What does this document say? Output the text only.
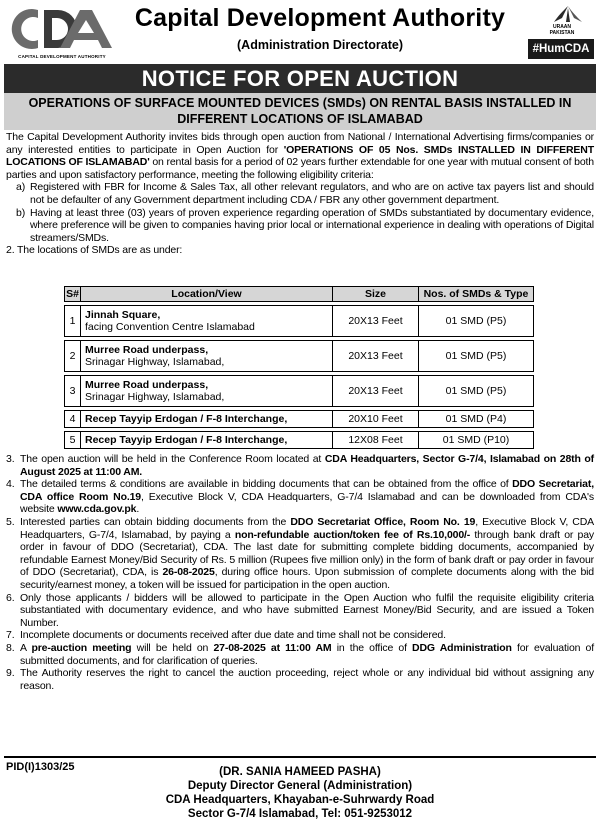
CAPITAL DEVELOPMENT AUTHORITY
Capital Development Authority
(Administration Directorate)
URAAN
PAKISTAN
#HumCDA
NOTICE FOR OPEN AUCTION
OPERATIONS OF SURFACE MOUNTED DEVICES (SMDs) ON RENTAL BASIS INSTALLED IN
DIFFERENT LOCATIONS OF ISLAMABAD

The Capital Development Authority invites bids through open auction from National / International Advertising firms/companies or any interested entities to participate in Open Auction for 'OPERATIONS OF 05 Nos. SMDs INSTALLED IN DIFFERENT LOCATIONS OF ISLAMABAD' on rental basis for a period of 02 years further extendable for one year with mutual consent of both parties and upon satisfactory performance, meeting the following eligibility criteria:

a) Registered with FBR for Income & Sales Tax, all other relevant regulators, and who are on active tax payers list and should not be defaulter of any Government department including CDA / FBR any other government department.
b) Having at least three (03) years of proven experience regarding operation of SMDs substantiated by documentary evidence, where preference will be given to companies having prior local or international experience in dealing with operations of Digital streamers/SMDs.
2. The locations of SMDs are as under:
S#	Location/View	Size	Nos. of SMDs & Type

1	Jinnah Square,
facing Convention Centre Islamabad	20X13 Feet	01 SMD (P5)

2	Murree Road underpass,
Srinagar Highway, Islamabad,	20X13 Feet	01 SMD (P5)

3	Murree Road underpass,
Srinagar Highway, Islamabad,	20X13 Feet	01 SMD (P5)

4	Recep Tayyip Erdogan / F-8 Interchange,	20X10 Feet	01 SMD (P4)

5	Recep Tayyip Erdogan / F-8 Interchange,	12X08 Feet	01 SMD (P10)
3. The open auction will be held in the Conference Room located at CDA Headquarters, Sector G-7/4, Islamabad on 28th of August 2025 at 11:00 AM.
4. The detailed terms & conditions are available in bidding documents that can be obtained from the office of DDO Secretariat, CDA office Room No.19, Executive Block V, CDA Headquarters, G-7/4 Islamabad and can be downloaded from CDA's website www.cda.gov.pk.
5. Interested parties can obtain bidding documents from the DDO Secretariat Office, Room No. 19, Executive Block V, CDA Headquarters, G-7/4, Islamabad, by paying a non-refundable auction/token fee of Rs.10,000/- through bank draft or pay order in favour of DDO (Secretariat), CDA. The last date for submitting complete bidding documents, accompanied by refundable Earnest Money/Bid Security of Rs. 5 million (Rupees five million only) in the form of bank draft or pay order in favour of DDO (Secretariat), CDA, is 26-08-2025, during office hours. Upon submission of complete documents along with the bid security/earnest money, a token will be issued for participation in the open auction.
6. Only those applicants / bidders will be allowed to participate in the Open Auction who fulfil the requisite eligibility criteria substantiated with documentary evidence, and who have submitted Earnest Money/Bid Security, and are issued a Token Number.
7. Incomplete documents or documents received after due date and time shall not be considered.
8. A pre-auction meeting will be held on 27-08-2025 at 11:00 AM in the office of DDG Administration for evaluation of submitted documents, and for clarification of queries.
9. The Authority reserves the right to cancel the auction proceeding, reject whole or any individual bid without assigning any reason.
PID(I)1303/25	(DR. SANIA HAMEED PASHA)
Deputy Director General (Administration)
CDA Headquarters, Khayaban-e-Suhrwardy Road
Sector G-7/4 Islamabad, Tel: 051-9253012
